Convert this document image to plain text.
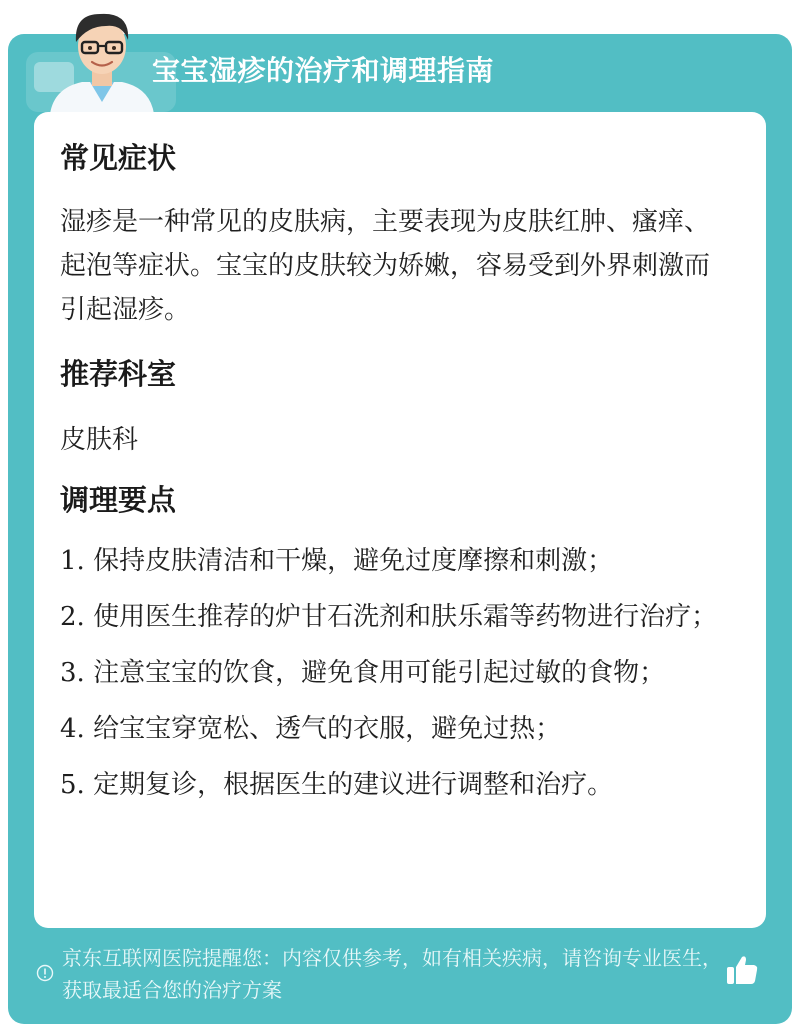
宝宝湿疹的治疗和调理指南
常见症状

湿疹是一种常见的皮肤病，主要表现为皮肤红肿、瘙痒、起泡等症状。宝宝的皮肤较为娇嫩，容易受到外界刺激而引起湿疹。

推荐科室

皮肤科

调理要点

1. 保持皮肤清洁和干燥，避免过度摩擦和刺激；

2. 使用医生推荐的炉甘石洗剂和肤乐霜等药物进行治疗；

3. 注意宝宝的饮食，避免食用可能引起过敏的食物；

4. 给宝宝穿宽松、透气的衣服，避免过热；

5. 定期复诊，根据医生的建议进行调整和治疗。

京东互联网医院提醒您：内容仅供参考，如有相关疾病，请咨询专业医生，获取最适合您的治疗方案
